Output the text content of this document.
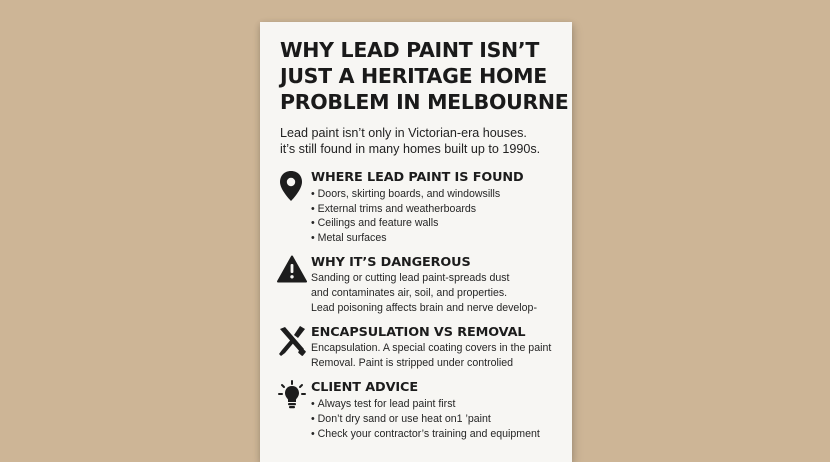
WHY LEAD PAINT ISN’T
JUST A HERITAGE HOME
PROBLEM IN MELBOURNE
Lead paint isn’t only in Victorian-era houses.
it’s still found in many homes built up to 1990s.
WHERE LEAD PAINT IS FOUND
• Doors, skirting boards, and windowsills
• External trims and weatherboards
• Ceilings and feature walls
• Metal surfaces
WHY IT’S DANGEROUS
Sanding or cutting lead paint-spreads dust
and contaminates air, soil, and properties.
Lead poisoning affects brain and nerve develop-
ENCAPSULATION VS REMOVAL
Encapsulation. A special coating covers in the paint
Removal. Paint is stripped under controlied
CLIENT ADVICE
• Always test for lead paint first
• Don’t dry sand or use heat on1 ’paint
• Check your contractor’s training and equipment
